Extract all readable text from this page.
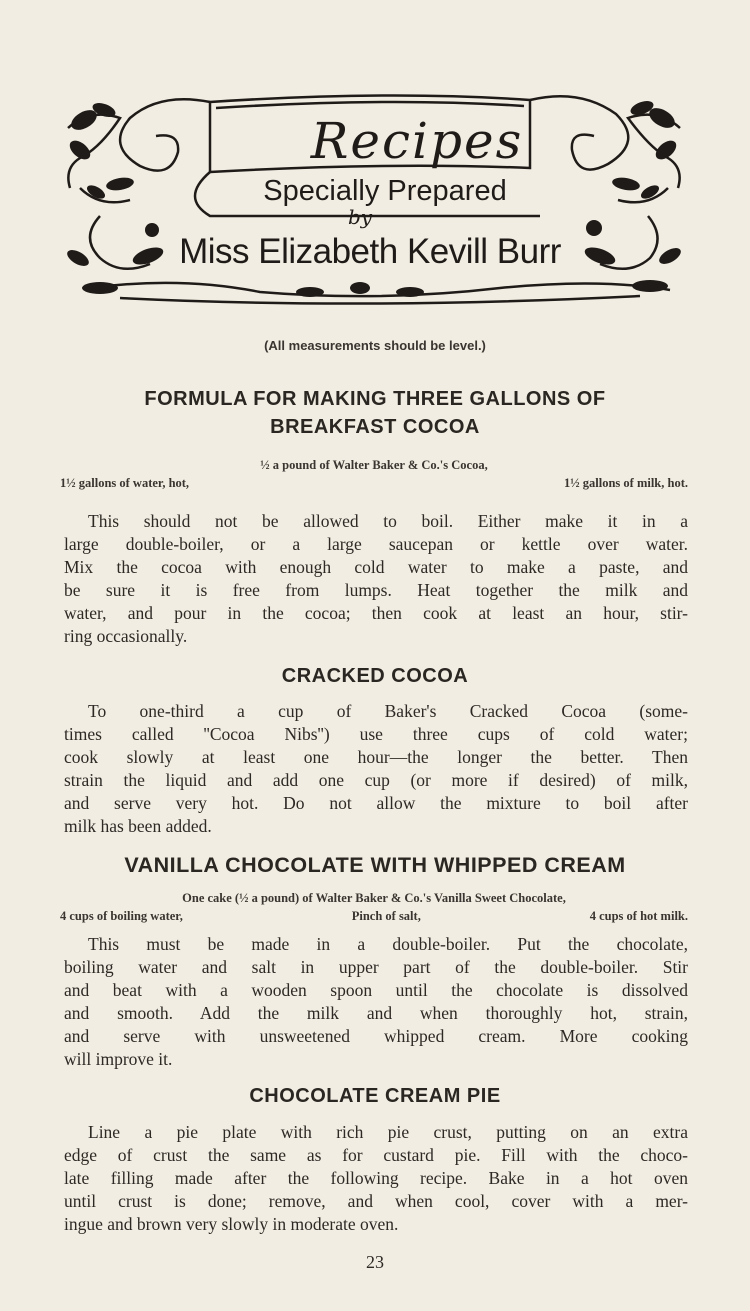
Recipes
Specially Prepared
by
Miss Elizabeth Kevill Burr
(All measurements should be level.)
FORMULA FOR MAKING THREE GALLONS OF
BREAKFAST COCOA
½ a pound of Walter Baker & Co.'s Cocoa,
1½ gallons of water, hot,	1½ gallons of milk, hot.
This should not be allowed to boil. Either make it in a
large double-boiler, or a large saucepan or kettle over water.
Mix the cocoa with enough cold water to make a paste, and
be sure it is free from lumps. Heat together the milk and
water, and pour in the cocoa; then cook at least an hour, stir-
ring occasionally.
CRACKED COCOA
To one-third a cup of Baker's Cracked Cocoa (some-
times called ''Cocoa Nibs'') use three cups of cold water;
cook slowly at least one hour—the longer the better. Then
strain the liquid and add one cup (or more if desired) of milk,
and serve very hot. Do not allow the mixture to boil after
milk has been added.
VANILLA CHOCOLATE WITH WHIPPED CREAM
One cake (½ a pound) of Walter Baker & Co.'s Vanilla Sweet Chocolate,
4 cups of boiling water,	Pinch of salt,	4 cups of hot milk.
This must be made in a double-boiler. Put the chocolate,
boiling water and salt in upper part of the double-boiler. Stir
and beat with a wooden spoon until the chocolate is dissolved
and smooth. Add the milk and when thoroughly hot, strain,
and serve with unsweetened whipped cream. More cooking
will improve it.
CHOCOLATE CREAM PIE
Line a pie plate with rich pie crust, putting on an extra
edge of crust the same as for custard pie. Fill with the choco-
late filling made after the following recipe. Bake in a hot oven
until crust is done; remove, and when cool, cover with a mer-
ingue and brown very slowly in moderate oven.
23
